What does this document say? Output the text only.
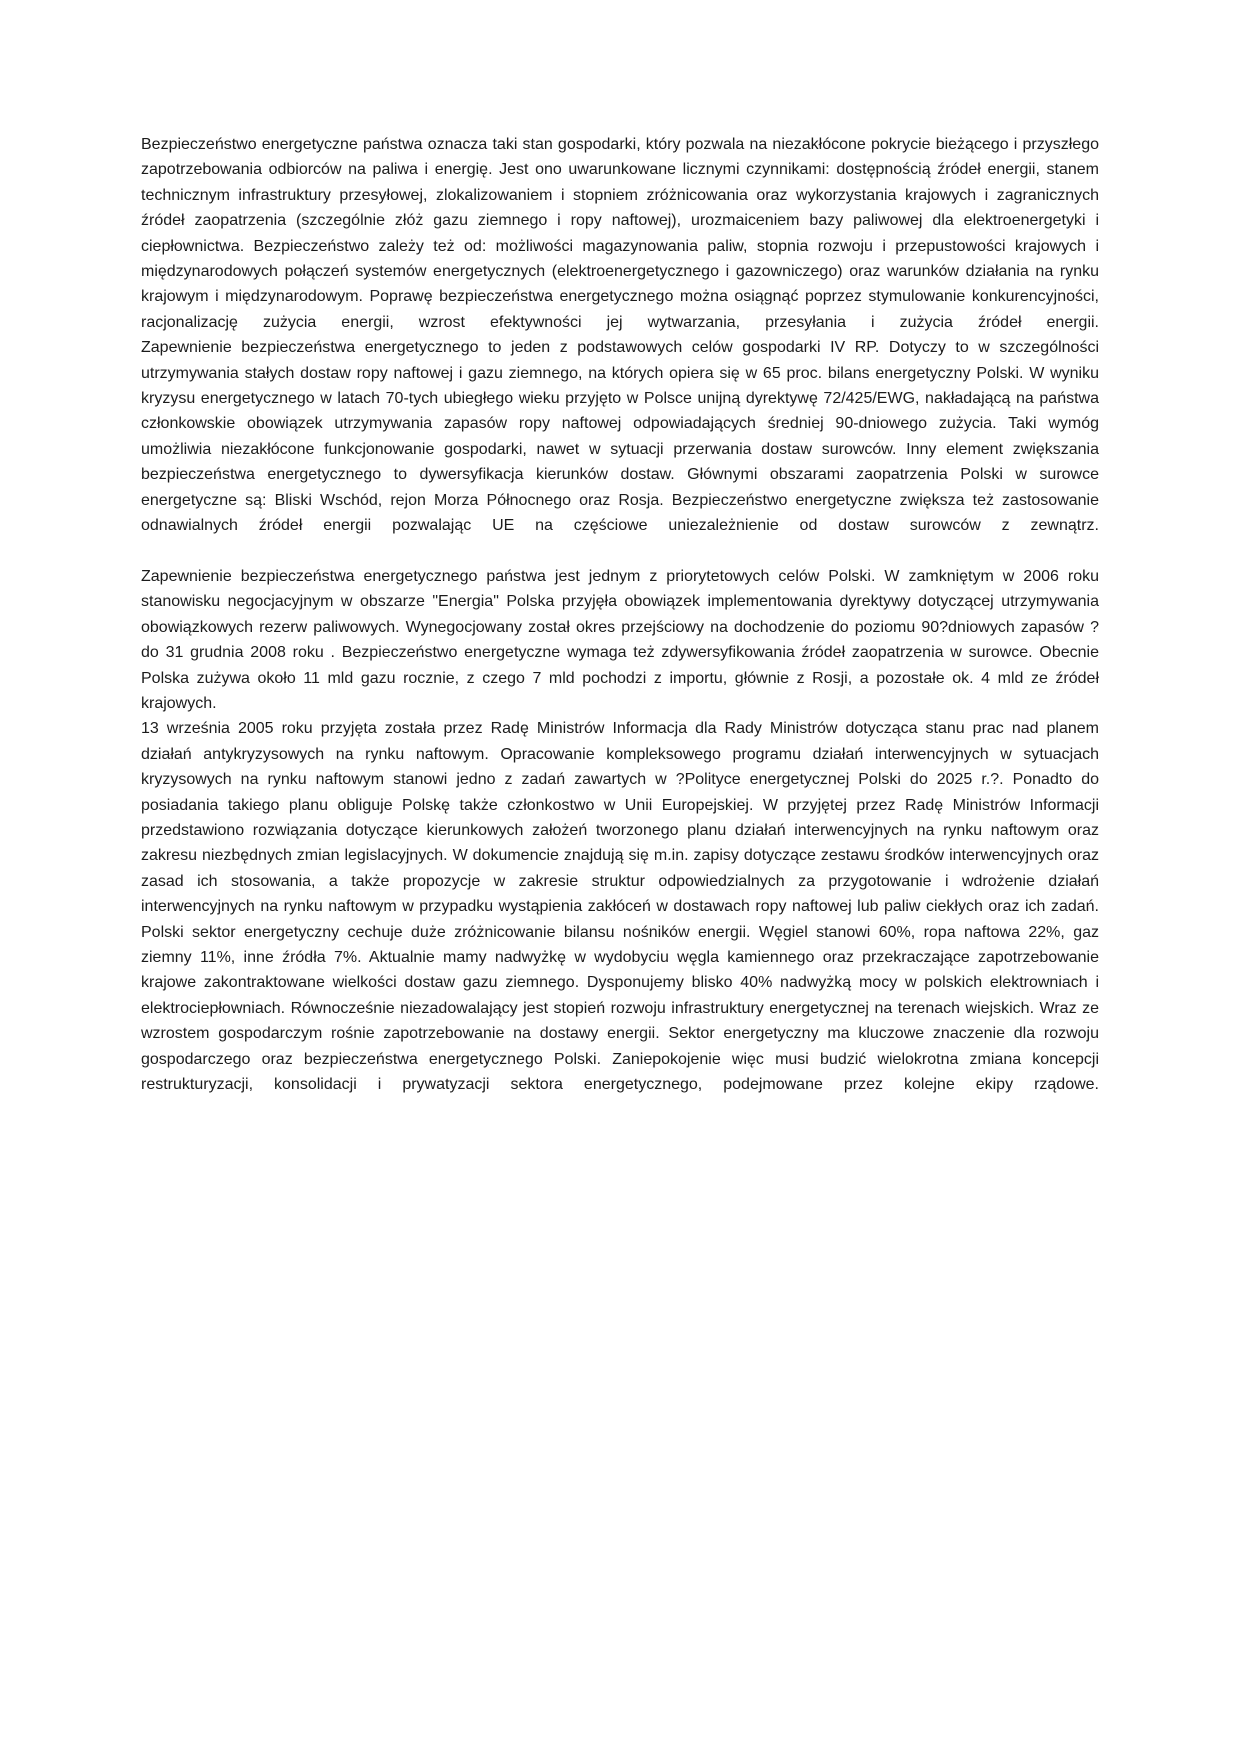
Bezpieczeństwo energetyczne państwa oznacza taki stan gospodarki, który pozwala na niezakłócone pokrycie bieżącego i przyszłego zapotrzebowania odbiorców na paliwa i energię. Jest ono uwarunkowane licznymi czynnikami: dostępnością źródeł energii, stanem technicznym infrastruktury przesyłowej, zlokalizowaniem i stopniem zróżnicowania oraz wykorzystania krajowych i zagranicznych źródeł zaopatrzenia (szczególnie złóż gazu ziemnego i ropy naftowej), urozmaiceniem bazy paliwowej dla elektroenergetyki i ciepłownictwa. Bezpieczeństwo zależy też od: możliwości magazynowania paliw, stopnia rozwoju i przepustowości krajowych i międzynarodowych połączeń systemów energetycznych (elektroenergetycznego i gazowniczego) oraz warunków działania na rynku krajowym i międzynarodowym. Poprawę bezpieczeństwa energetycznego można osiągnąć poprzez stymulowanie konkurencyjności, racjonalizację zużycia energii, wzrost efektywności jej wytwarzania, przesyłania i zużycia źródeł energii.
Zapewnienie bezpieczeństwa energetycznego to jeden z podstawowych celów gospodarki IV RP. Dotyczy to w szczególności utrzymywania stałych dostaw ropy naftowej i gazu ziemnego, na których opiera się w 65 proc. bilans energetyczny Polski. W wyniku kryzysu energetycznego w latach 70-tych ubiegłego wieku przyjęto w Polsce unijną dyrektywę 72/425/EWG, nakładającą na państwa członkowskie obowiązek utrzymywania zapasów ropy naftowej odpowiadających średniej 90-dniowego zużycia. Taki wymóg umożliwia niezakłócone funkcjonowanie gospodarki, nawet w sytuacji przerwania dostaw surowców. Inny element zwiększania bezpieczeństwa energetycznego to dywersyfikacja kierunków dostaw. Głównymi obszarami zaopatrzenia Polski w surowce energetyczne są: Bliski Wschód, rejon Morza Północnego oraz Rosja. Bezpieczeństwo energetyczne zwiększa też zastosowanie odnawialnych źródeł energii pozwalając UE na częściowe uniezależnienie od dostaw surowców z zewnątrz.
Zapewnienie bezpieczeństwa energetycznego państwa jest jednym z priorytetowych celów Polski. W zamkniętym w 2006 roku stanowisku negocjacyjnym w obszarze "Energia" Polska przyjęła obowiązek implementowania dyrektywy dotyczącej utrzymywania obowiązkowych rezerw paliwowych. Wynegocjowany został okres przejściowy na dochodzenie do poziomu 90?dniowych zapasów ? do 31 grudnia 2008 roku . Bezpieczeństwo energetyczne wymaga też zdywersyfikowania źródeł zaopatrzenia w surowce. Obecnie Polska zużywa około 11 mld gazu rocznie, z czego 7 mld pochodzi z importu, głównie z Rosji, a pozostałe ok. 4 mld ze źródeł krajowych.
13 września 2005 roku przyjęta została przez Radę Ministrów Informacja dla Rady Ministrów dotycząca stanu prac nad planem działań antykryzysowych na rynku naftowym. Opracowanie kompleksowego programu działań interwencyjnych w sytuacjach kryzysowych na rynku naftowym stanowi jedno z zadań zawartych w ?Polityce energetycznej Polski do 2025 r.?. Ponadto do posiadania takiego planu obliguje Polskę także członkostwo w Unii Europejskiej. W przyjętej przez Radę Ministrów Informacji przedstawiono rozwiązania dotyczące kierunkowych założeń tworzonego planu działań interwencyjnych na rynku naftowym oraz zakresu niezbędnych zmian legislacyjnych. W dokumencie znajdują się m.in. zapisy dotyczące zestawu środków interwencyjnych oraz zasad ich stosowania, a także propozycje w zakresie struktur odpowiedzialnych za przygotowanie i wdrożenie działań interwencyjnych na rynku naftowym w przypadku wystąpienia zakłóceń w dostawach ropy naftowej lub paliw ciekłych oraz ich zadań.
Polski sektor energetyczny cechuje duże zróżnicowanie bilansu nośników energii. Węgiel stanowi 60%, ropa naftowa 22%, gaz ziemny 11%, inne źródła 7%. Aktualnie mamy nadwyżkę w wydobyciu węgla kamiennego oraz przekraczające zapotrzebowanie krajowe zakontraktowane wielkości dostaw gazu ziemnego. Dysponujemy blisko 40% nadwyżką mocy w polskich elektrowniach i elektrociepłowniach. Równocześnie niezadowalający jest stopień rozwoju infrastruktury energetycznej na terenach wiejskich. Wraz ze wzrostem gospodarczym rośnie zapotrzebowanie na dostawy energii. Sektor energetyczny ma kluczowe znaczenie dla rozwoju gospodarczego oraz bezpieczeństwa energetycznego Polski. Zaniepokojenie więc musi budzić wielokrotna zmiana koncepcji restrukturyzacji, konsolidacji i prywatyzacji sektora energetycznego, podejmowane przez kolejne ekipy rządowe.
